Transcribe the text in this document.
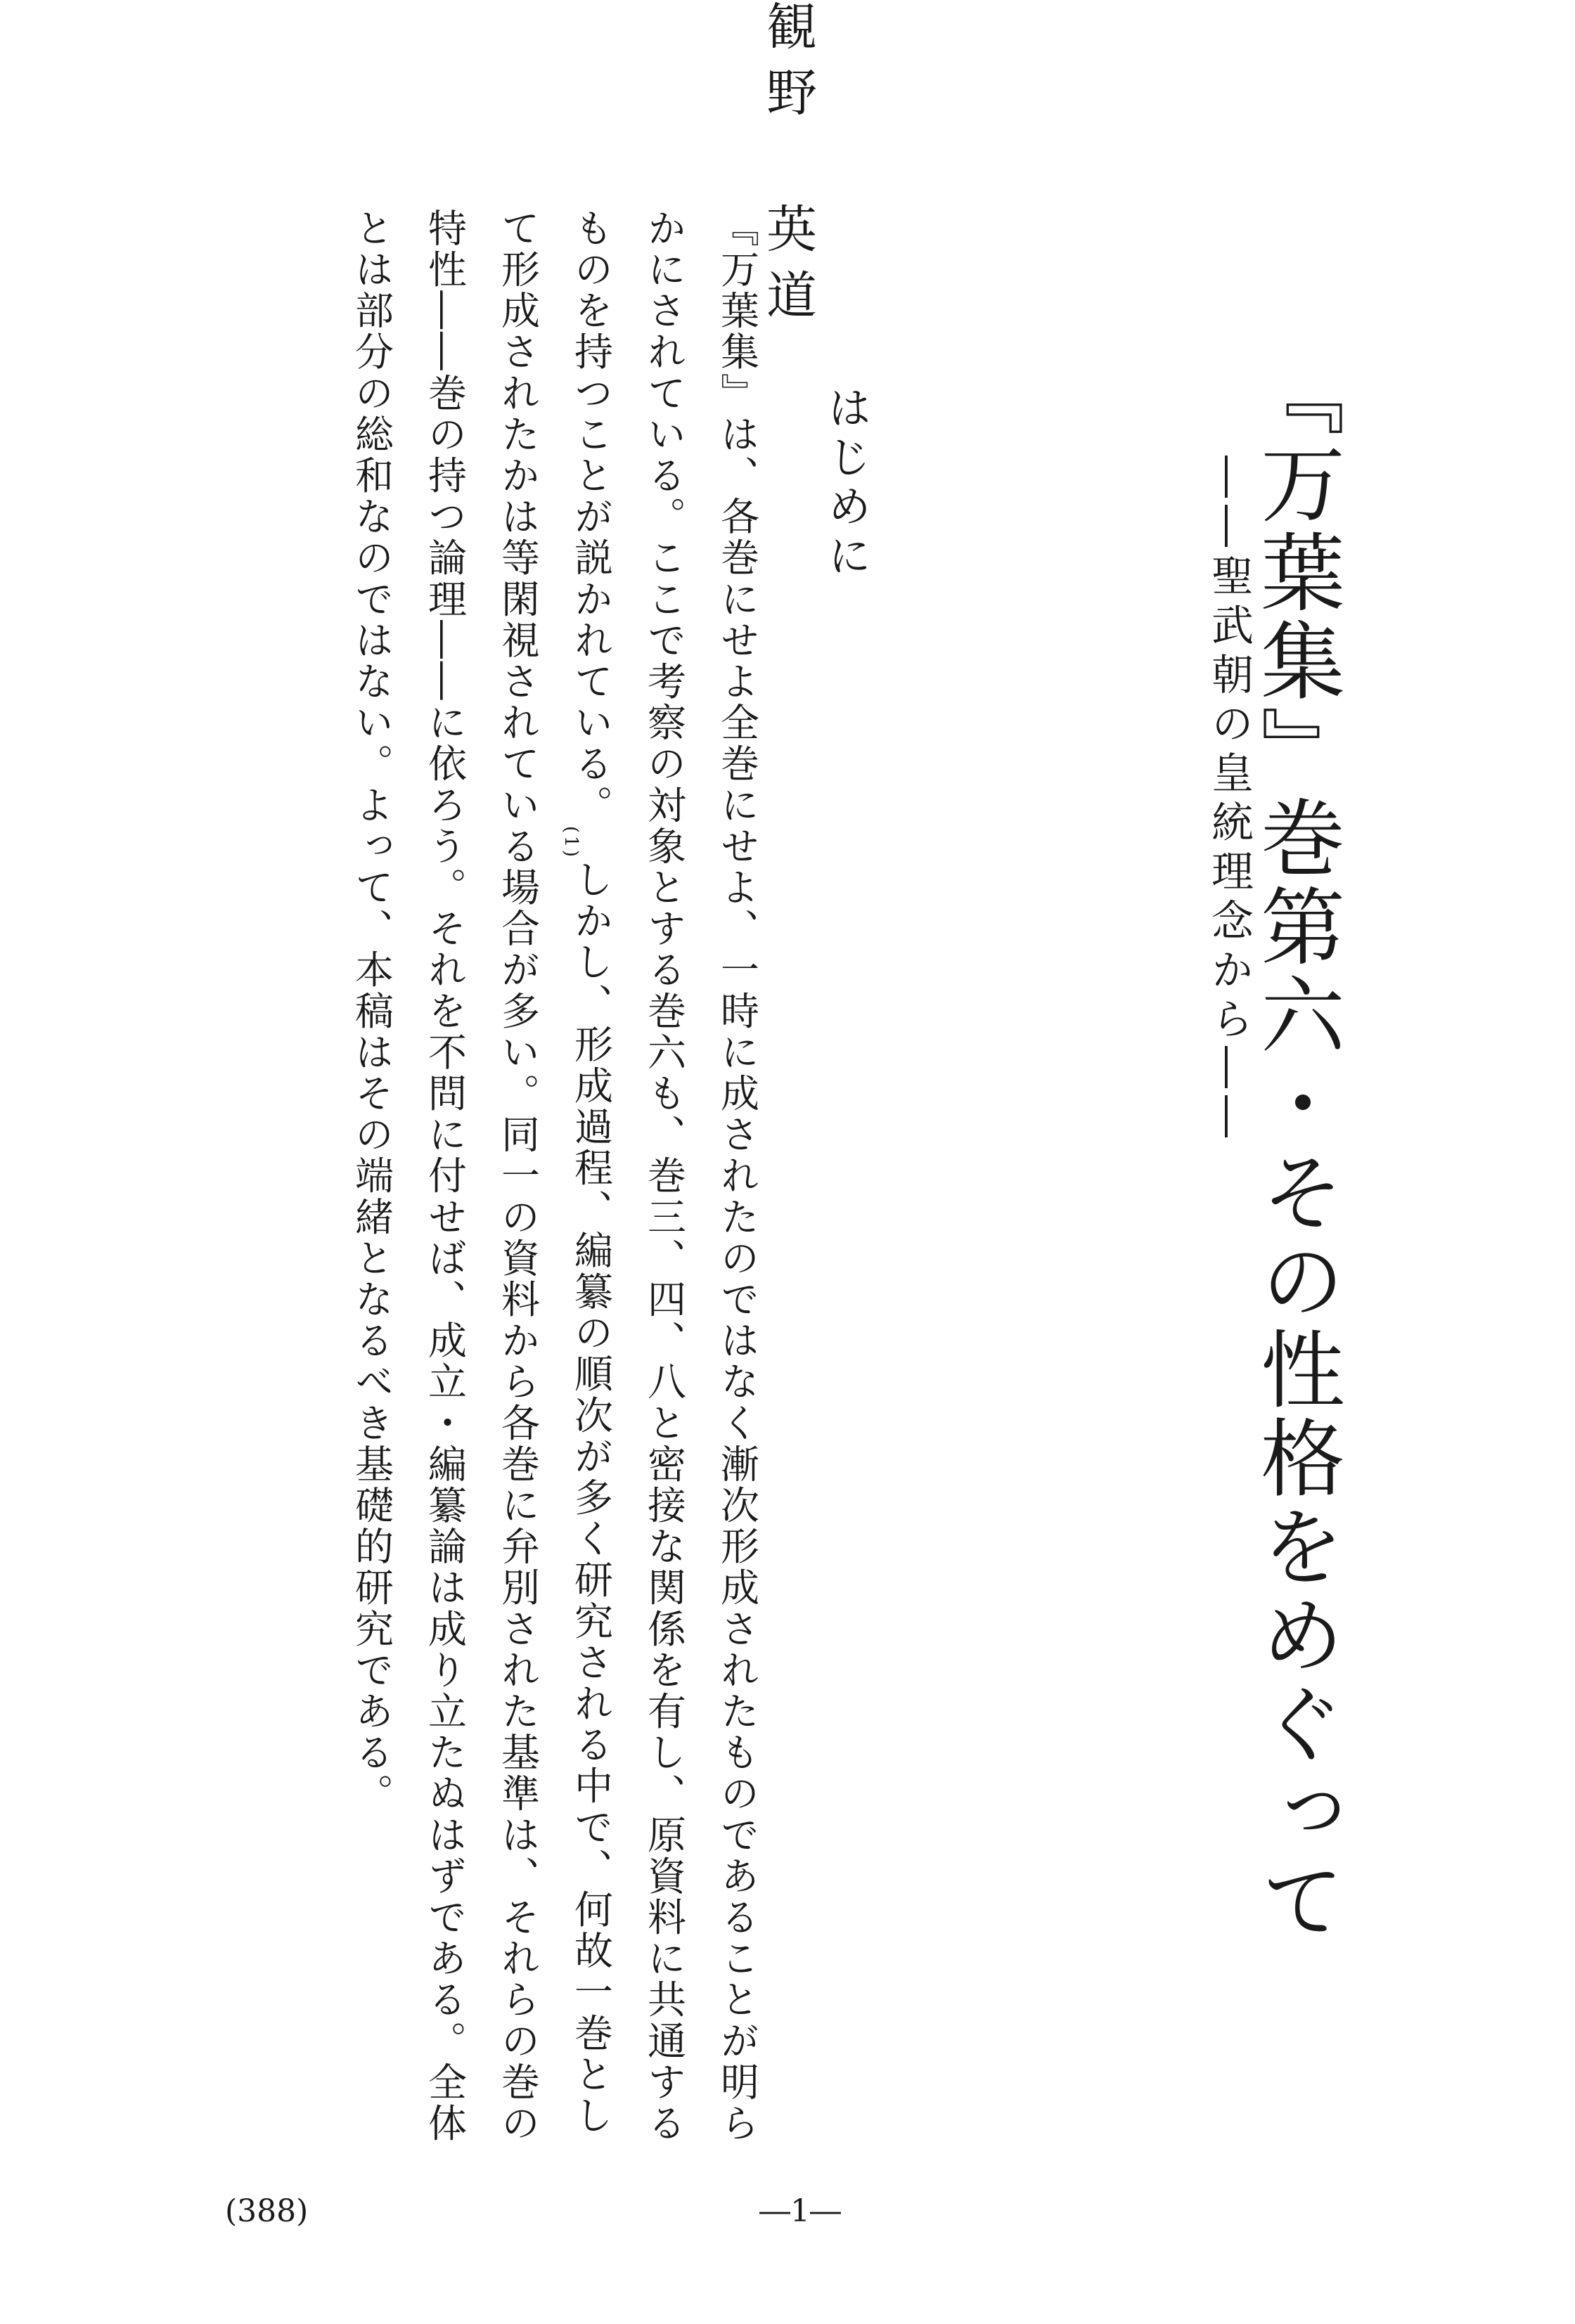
『万葉集』巻第六・その性格をめぐって
――聖武朝の皇統理念から――
観野
英道
はじめに

『万葉集』は、各巻にせよ全巻にせよ、一時に成されたのではなく漸次形成されたものであることが明らかにされている。ここで考察の対象とする巻六も、巻三、四、八と密接な関係を有し、原資料に共通するものを持つことが説かれている。(1)しかし、形成過程、編纂の順次が多く研究される中で、何故一巻として形成されたかは等閑視されている場合が多い。同一の資料から各巻に弁別された基準は、それらの巻の特性――巻の持つ論理――に依ろう。それを不問に付せば、成立・編纂論は成り立たぬはずである。全体とは部分の総和なのではない。よって、本稿はその端緒となるべき基礎的研究である。

(388)	―1―
